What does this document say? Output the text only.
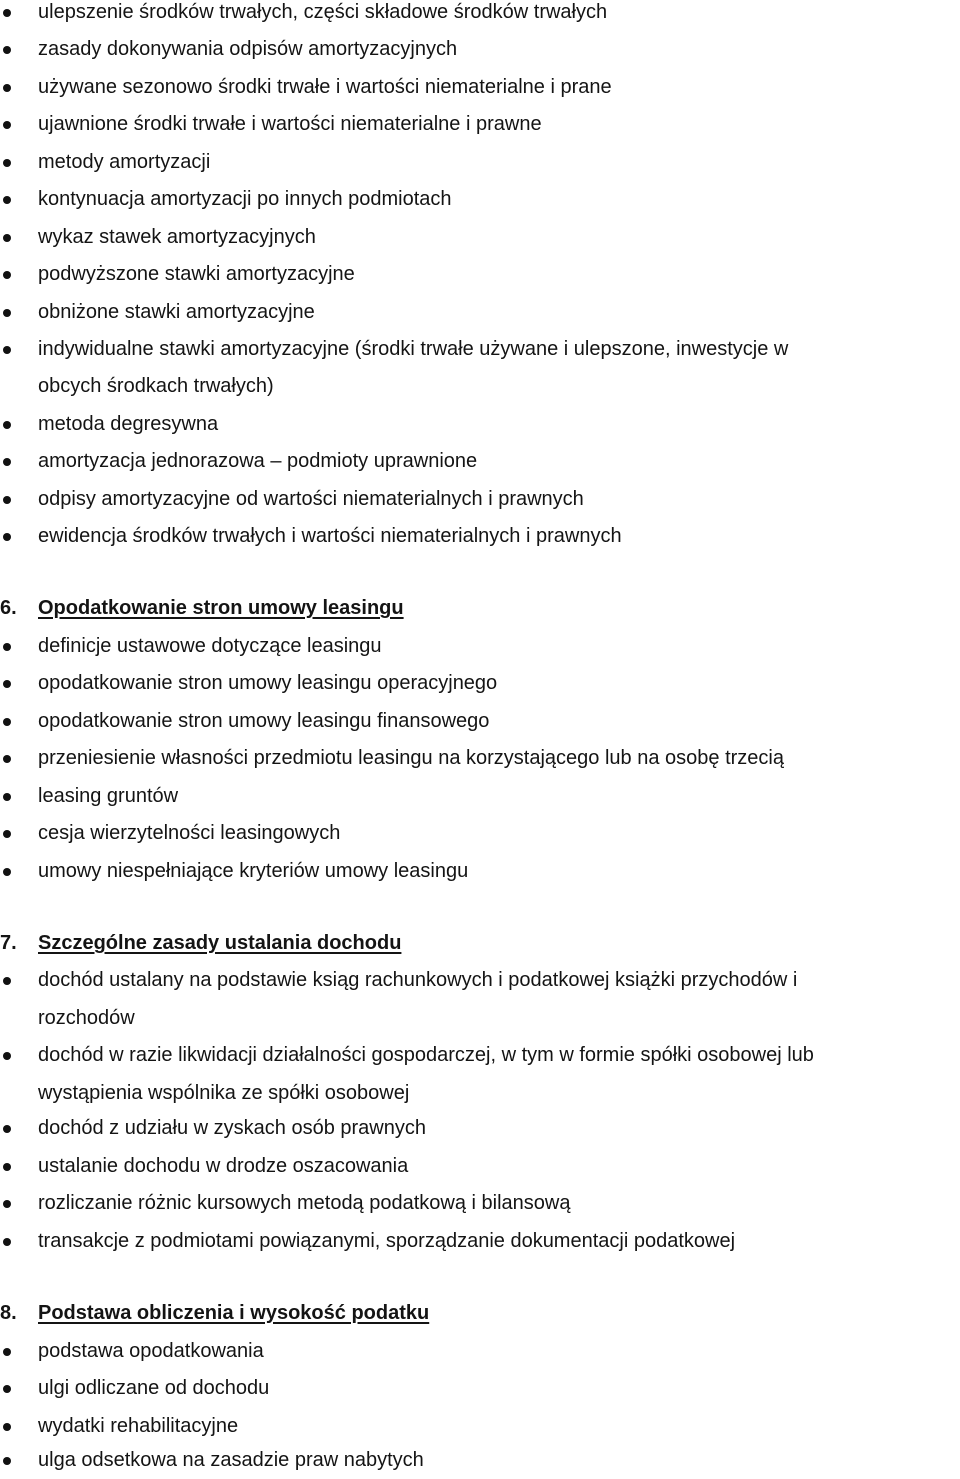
ulepszenie środków trwałych, części składowe środków trwałych
zasady dokonywania odpisów amortyzacyjnych
używane sezonowo środki trwałe i wartości niematerialne i prane
ujawnione środki trwałe i wartości niematerialne i prawne
metody amortyzacji
kontynuacja amortyzacji po innych podmiotach
wykaz stawek amortyzacyjnych
podwyższone stawki amortyzacyjne
obniżone stawki amortyzacyjne
indywidualne stawki amortyzacyjne (środki trwałe używane i ulepszone, inwestycje w
obcych środkach trwałych)
metoda degresywna
amortyzacja jednorazowa – podmioty uprawnione
odpisy amortyzacyjne od wartości niematerialnych i prawnych
ewidencja środków trwałych i wartości niematerialnych i prawnych
6. Opodatkowanie stron umowy leasingu
definicje ustawowe dotyczące leasingu
opodatkowanie stron umowy leasingu operacyjnego
opodatkowanie stron umowy leasingu finansowego
przeniesienie własności przedmiotu leasingu na korzystającego lub na osobę trzecią
leasing gruntów
cesja wierzytelności leasingowych
umowy niespełniające kryteriów umowy leasingu
7. Szczególne zasady ustalania dochodu
dochód ustalany na podstawie ksiąg rachunkowych i podatkowej książki przychodów i
rozchodów
dochód w razie likwidacji działalności gospodarczej, w tym w formie spółki osobowej lub
wystąpienia wspólnika ze spółki osobowej
dochód z udziału w zyskach osób prawnych
ustalanie dochodu w drodze oszacowania
rozliczanie różnic kursowych metodą podatkową i bilansową
transakcje z podmiotami powiązanymi, sporządzanie dokumentacji podatkowej
8. Podstawa obliczenia i wysokość podatku
podstawa opodatkowania
ulgi odliczane od dochodu
wydatki rehabilitacyjne
ulga odsetkowa na zasadzie praw nabytych
